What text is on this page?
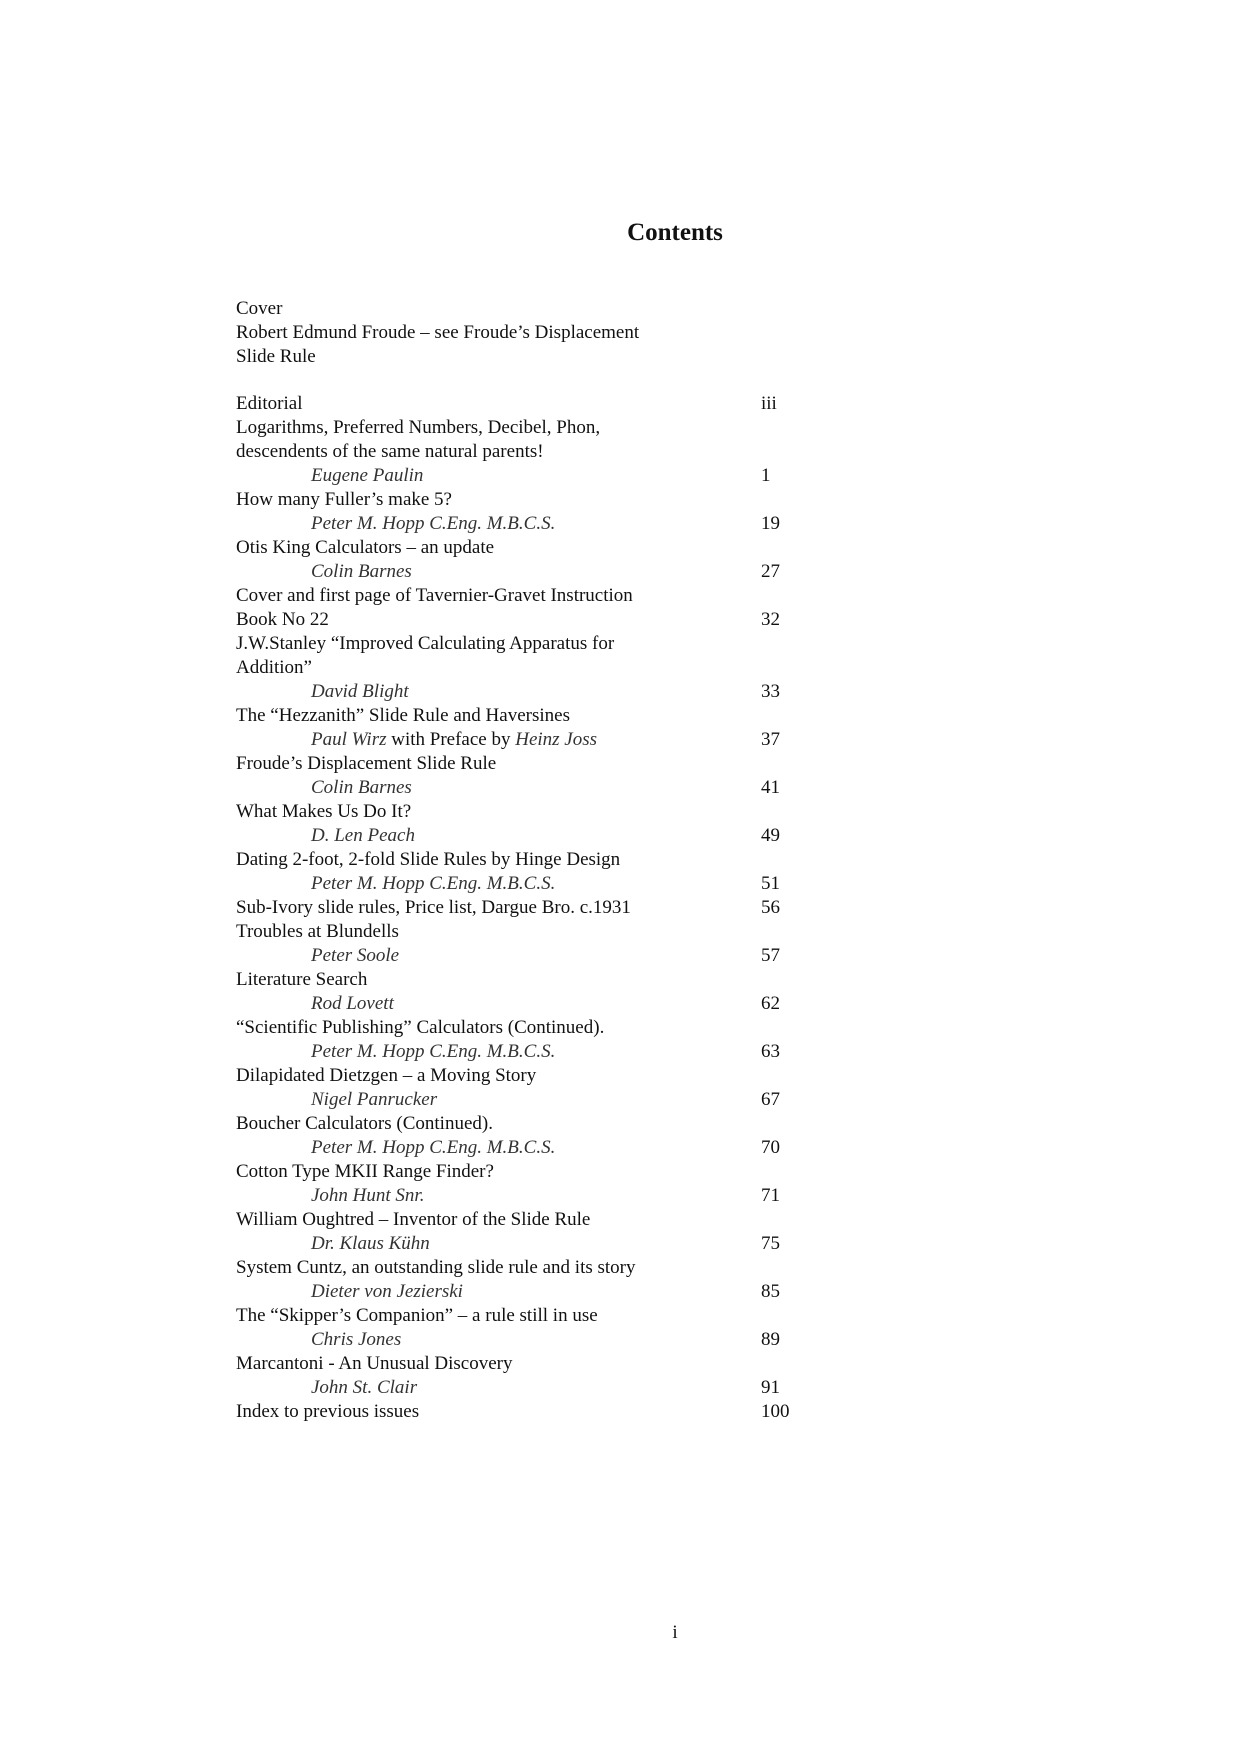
Contents
Cover
Robert Edmund Froude – see Froude’s Displacement
Slide Rule
Editorial	iii
Logarithms, Preferred Numbers, Decibel, Phon,
descendents of the same natural parents!
Eugene Paulin	1
How many Fuller’s make 5?
Peter M. Hopp C.Eng. M.B.C.S.	19
Otis King Calculators – an update
Colin Barnes	27
Cover and first page of Tavernier-Gravet Instruction
Book No 22	32
J.W.Stanley “Improved Calculating Apparatus for
Addition”
David Blight	33
The “Hezzanith” Slide Rule and Haversines
Paul Wirz with Preface by Heinz Joss	37
Froude’s Displacement Slide Rule
Colin Barnes	41
What Makes Us Do It?
D. Len Peach	49
Dating 2-foot, 2-fold Slide Rules by Hinge Design
Peter M. Hopp C.Eng. M.B.C.S.	51
Sub-Ivory slide rules, Price list, Dargue Bro. c.1931	56
Troubles at Blundells
Peter Soole	57
Literature Search
Rod Lovett	62
“Scientific Publishing” Calculators (Continued).
Peter M. Hopp C.Eng. M.B.C.S.	63
Dilapidated Dietzgen – a Moving Story
Nigel Panrucker	67
Boucher Calculators (Continued).
Peter M. Hopp C.Eng. M.B.C.S.	70
Cotton Type MKII Range Finder?
John Hunt Snr.	71
William Oughtred – Inventor of the Slide Rule
Dr. Klaus Kühn	75
System Cuntz, an outstanding slide rule and its story
Dieter von Jezierski	85
The “Skipper’s Companion” – a rule still in use
Chris Jones	89
Marcantoni - An Unusual Discovery
John St. Clair	91
Index to previous issues	100
i
